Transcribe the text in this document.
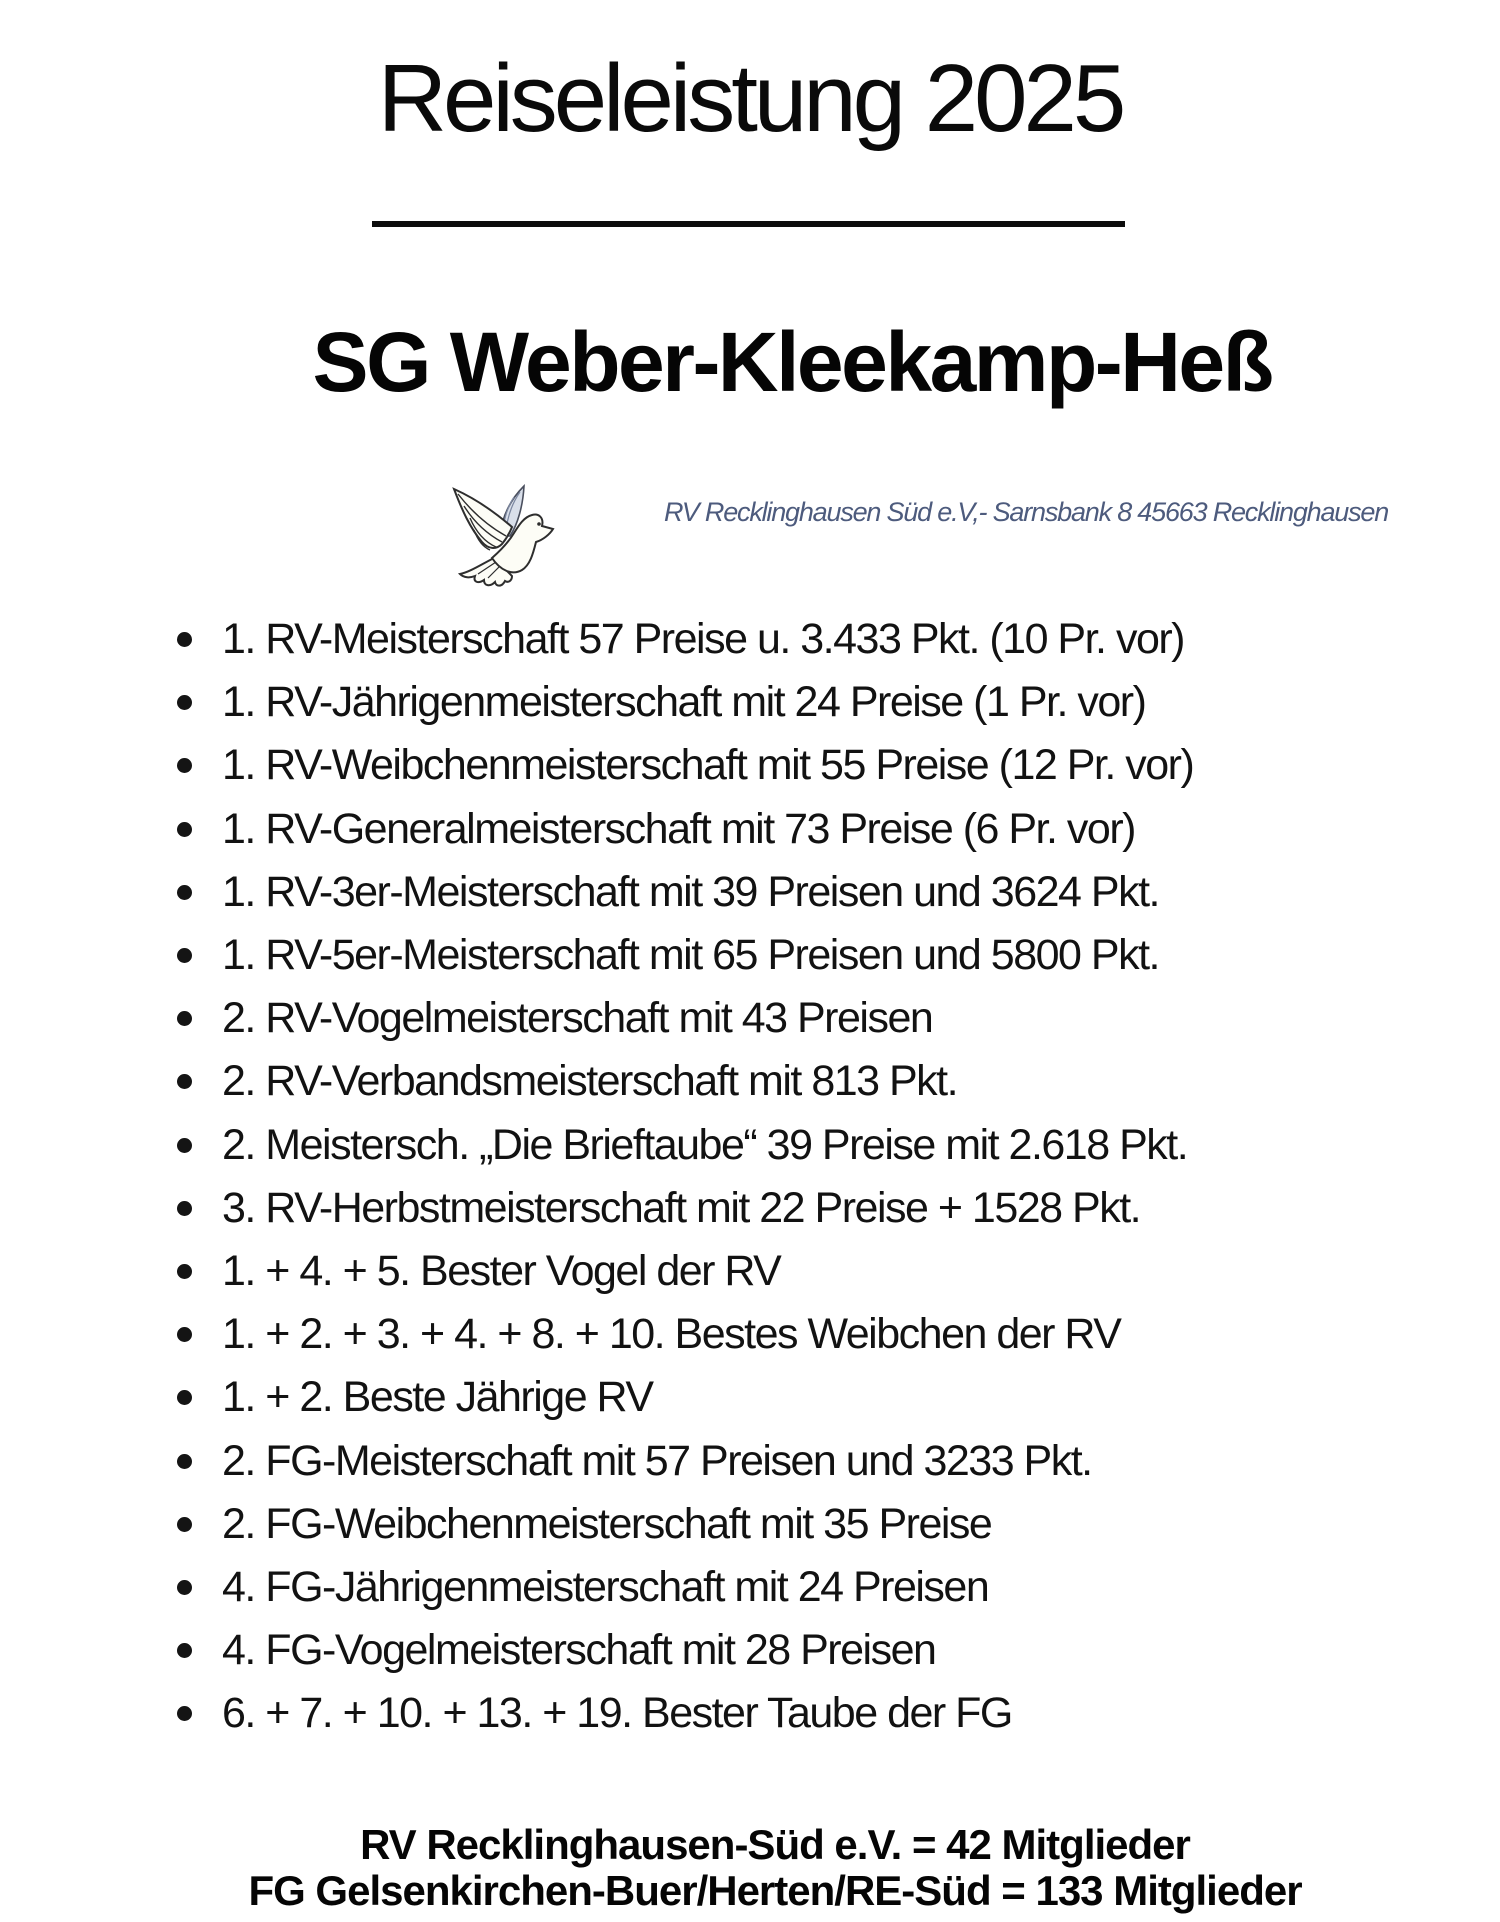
Reiseleistung 2025
SG Weber-Kleekamp-Heß
RV Recklinghausen Süd e.V,- Sarnsbank 8 45663 Recklinghausen
1. RV-Meisterschaft 57 Preise u. 3.433 Pkt. (10 Pr. vor)
1. RV-Jährigenmeisterschaft mit 24 Preise (1 Pr. vor)
1. RV-Weibchenmeisterschaft mit 55 Preise (12 Pr. vor)
1. RV-Generalmeisterschaft mit 73 Preise (6 Pr. vor)
1. RV-3er-Meisterschaft mit 39 Preisen und 3624 Pkt.
1. RV-5er-Meisterschaft mit 65 Preisen und 5800 Pkt.
2. RV-Vogelmeisterschaft mit 43 Preisen
2. RV-Verbandsmeisterschaft mit 813 Pkt.
2. Meistersch. „Die Brieftaube“ 39 Preise mit 2.618 Pkt.
3. RV-Herbstmeisterschaft mit 22 Preise + 1528 Pkt.
1. + 4. + 5. Bester Vogel der RV
1. + 2. + 3. + 4. + 8. + 10. Bestes Weibchen der RV
1. + 2. Beste Jährige RV
2. FG-Meisterschaft mit 57 Preisen und 3233 Pkt.
2. FG-Weibchenmeisterschaft mit 35 Preise
4. FG-Jährigenmeisterschaft mit 24 Preisen
4. FG-Vogelmeisterschaft mit 28 Preisen
6. + 7. + 10. + 13. + 19. Bester Taube der FG
RV Recklinghausen-Süd e.V. = 42 Mitglieder
FG Gelsenkirchen-Buer/Herten/RE-Süd = 133 Mitglieder
